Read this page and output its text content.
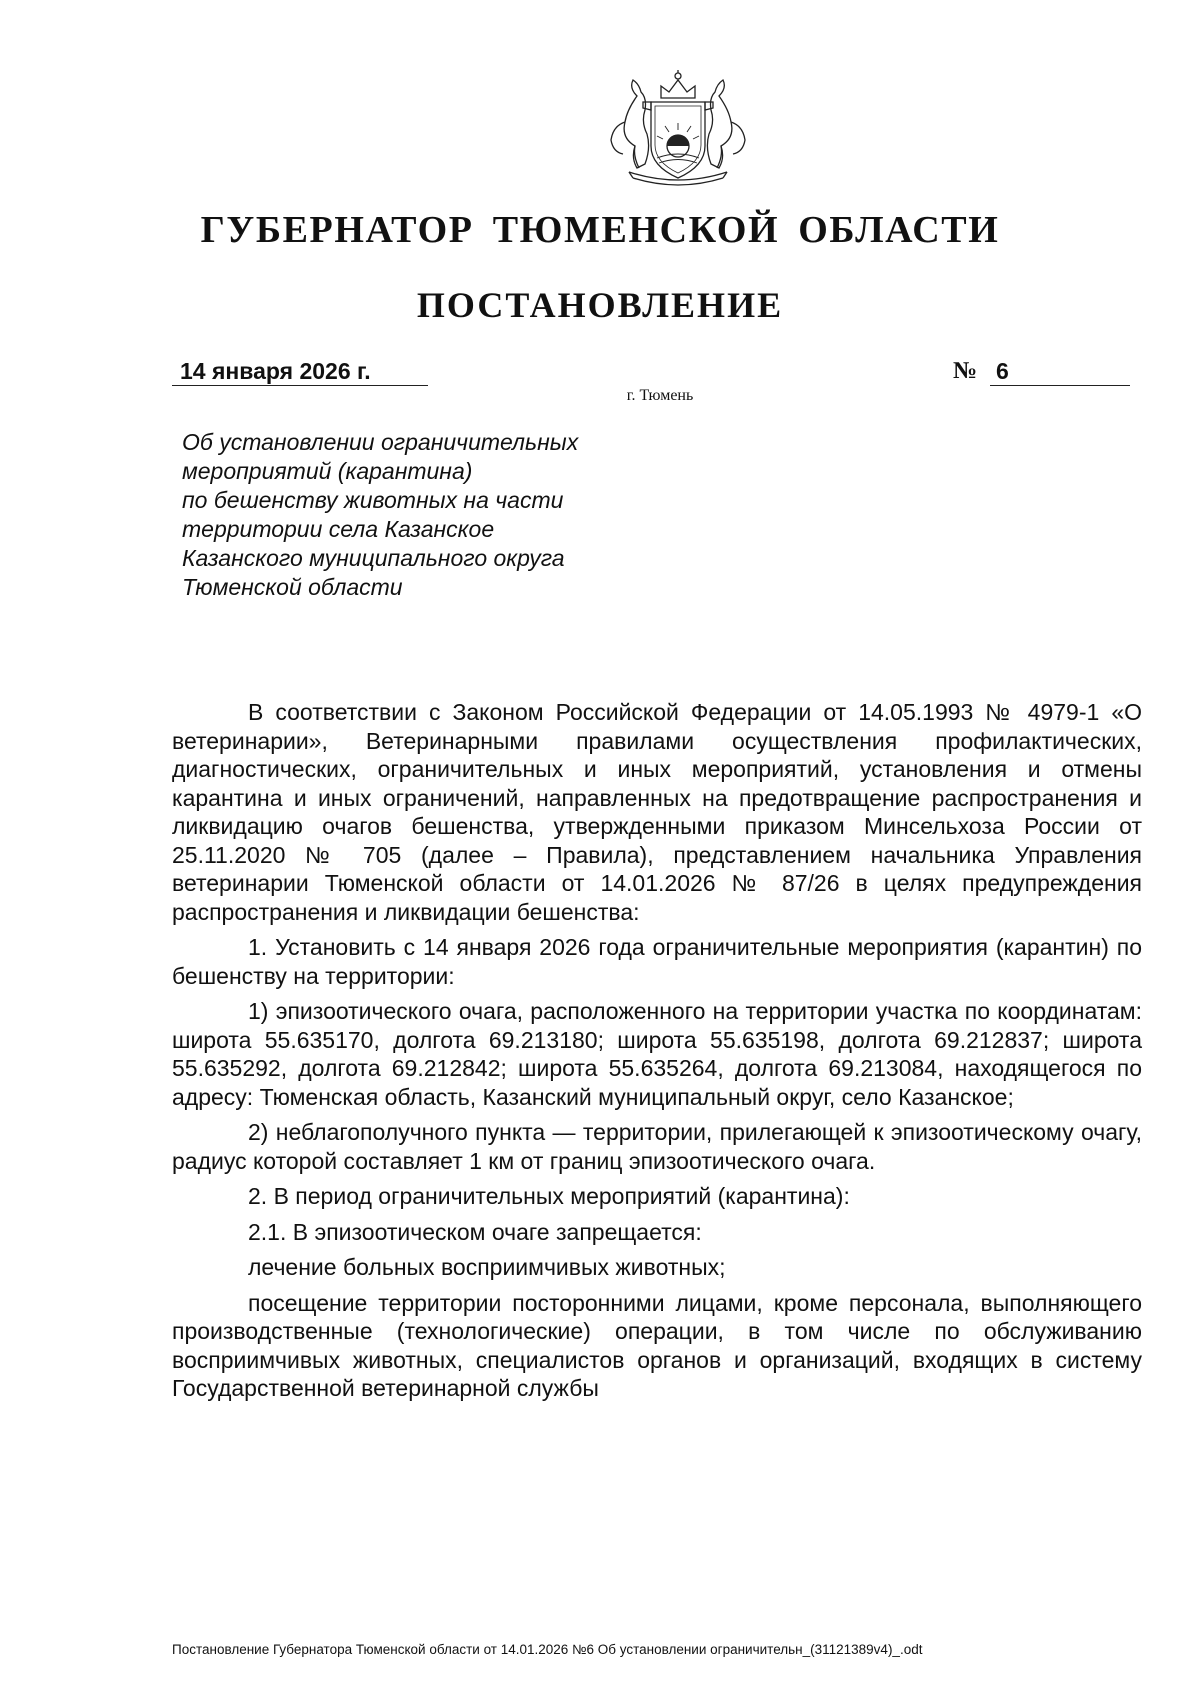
ГУБЕРНАТОР ТЮМЕНСКОЙ ОБЛАСТИ
ПОСТАНОВЛЕНИЕ
14 января 2026 г.	№ 6
г. Тюмень
Об установлении ограничительных
мероприятий (карантина)
по бешенству животных на части
территории села Казанское
Казанского муниципального округа
Тюменской области

В соответствии с Законом Российской Федерации от 14.05.1993 № 4979-1 «О ветеринарии», Ветеринарными правилами осуществления профилактических, диагностических, ограничительных и иных мероприятий, установления и отмены карантина и иных ограничений, направленных на предотвращение распространения и ликвидацию очагов бешенства, утвержденными приказом Минсельхоза России от 25.11.2020 № 705 (далее – Правила), представлением начальника Управления ветеринарии Тюменской области от 14.01.2026 № 87/26 в целях предупреждения распространения и ликвидации бешенства:

1. Установить с 14 января 2026 года ограничительные мероприятия (карантин) по бешенству на территории:

1) эпизоотического очага, расположенного на территории участка по координатам: широта 55.635170, долгота 69.213180; широта 55.635198, долгота 69.212837; широта 55.635292, долгота 69.212842; широта 55.635264, долгота 69.213084, находящегося по адресу: Тюменская область, Казанский муниципальный округ, село Казанское;

2) неблагополучного пункта — территории, прилегающей к эпизоотическому очагу, радиус которой составляет 1 км от границ эпизоотического очага.

2. В период ограничительных мероприятий (карантина):

2.1. В эпизоотическом очаге запрещается:

лечение больных восприимчивых животных;

посещение территории посторонними лицами, кроме персонала, выполняющего производственные (технологические) операции, в том числе по обслуживанию восприимчивых животных, специалистов органов и организаций, входящих в систему Государственной ветеринарной службы

Постановление Губернатора Тюменской области от 14.01.2026 №6 Об установлении ограничительн_(31121389v4)_.odt
